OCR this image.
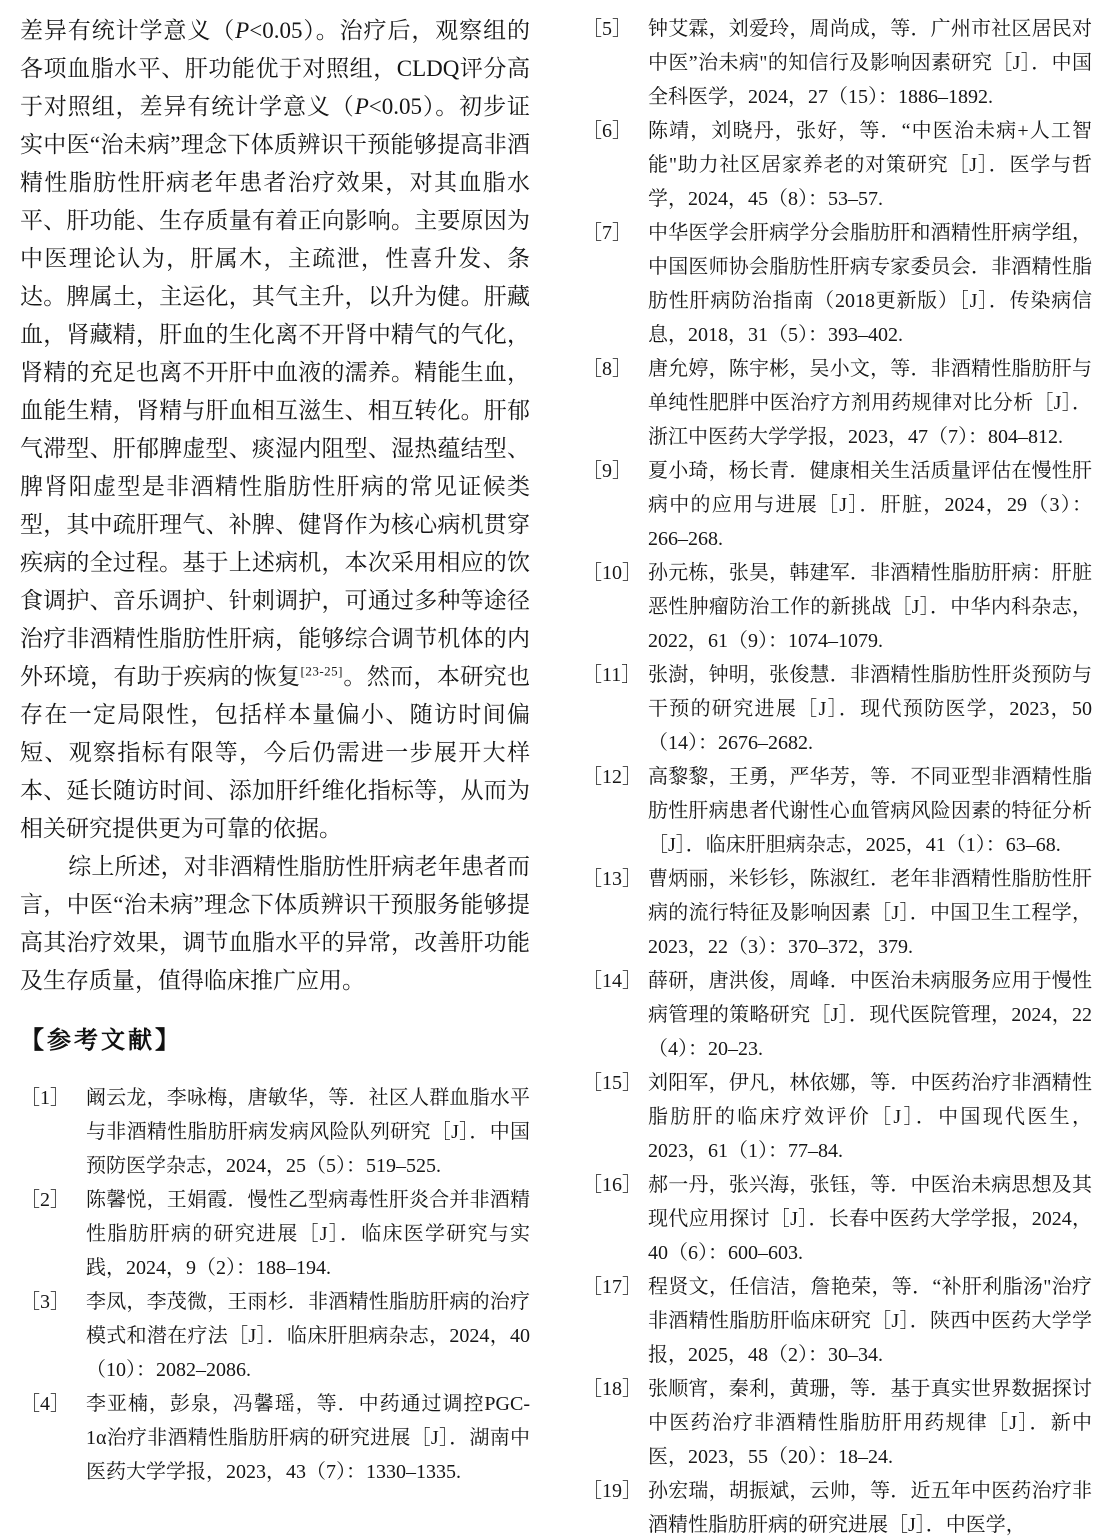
差异有统计学意义（P<0.05）。治疗后，观察组的各项血脂水平、肝功能优于对照组，CLDQ评分高于对照组，差异有统计学意义（P<0.05）。初步证实中医“治未病”理念下体质辨识干预能够提高非酒精性脂肪性肝病老年患者治疗效果，对其血脂水平、肝功能、生存质量有着正向影响。主要原因为中医理论认为，肝属木，主疏泄，性喜升发、条达。脾属土，主运化，其气主升，以升为健。肝藏血，肾藏精，肝血的生化离不开肾中精气的气化，肾精的充足也离不开肝中血液的濡养。精能生血，血能生精，肾精与肝血相互滋生、相互转化。肝郁气滞型、肝郁脾虚型、痰湿内阻型、湿热蕴结型、脾肾阳虚型是非酒精性脂肪性肝病的常见证候类型，其中疏肝理气、补脾、健肾作为核心病机贯穿疾病的全过程。基于上述病机，本次采用相应的饮食调护、音乐调护、针刺调护，可通过多种等途径治疗非酒精性脂肪性肝病，能够综合调节机体的内外环境，有助于疾病的恢复[23-25]。然而，本研究也存在一定局限性，包括样本量偏小、随访时间偏短、观察指标有限等，今后仍需进一步展开大样本、延长随访时间、添加肝纤维化指标等，从而为相关研究提供更为可靠的依据。

综上所述，对非酒精性脂肪性肝病老年患者而言，中医“治未病”理念下体质辨识干预服务能够提高其治疗效果，调节血脂水平的异常，改善肝功能及生存质量，值得临床推广应用。

【参考文献】
［1］ 阚云龙，李咏梅，唐敏华，等．社区人群血脂水平与非酒精性脂肪肝病发病风险队列研究［J］．中国预防医学杂志，2024，25（5）：519–525.
［2］ 陈馨悦，王娟霞．慢性乙型病毒性肝炎合并非酒精性脂肪肝病的研究进展［J］．临床医学研究与实践，2024，9（2）：188–194.
［3］ 李凤，李茂微，王雨杉．非酒精性脂肪肝病的治疗模式和潜在疗法［J］．临床肝胆病杂志，2024，40（10）：2082–2086.
［4］ 李亚楠，彭泉，冯馨瑶，等．中药通过调控PGC-1α治疗非酒精性脂肪肝病的研究进展［J］．湖南中医药大学学报，2023，43（7）：1330–1335.
［5］ 钟艾霖，刘爱玲，周尚成，等．广州市社区居民对中医”治未病"的知信行及影响因素研究［J］．中国全科医学，2024，27（15）：1886–1892.
［6］ 陈靖，刘晓丹，张好，等．“中医治未病+人工智能"助力社区居家养老的对策研究［J］．医学与哲学，2024，45（8）：53–57.
［7］ 中华医学会肝病学分会脂肪肝和酒精性肝病学组，中国医师协会脂肪性肝病专家委员会．非酒精性脂肪性肝病防治指南（2018更新版）［J］．传染病信息，2018，31（5）：393–402.
［8］ 唐允婷，陈宇彬，吴小文，等．非酒精性脂肪肝与单纯性肥胖中医治疗方剂用药规律对比分析［J］．浙江中医药大学学报，2023，47（7）：804–812.
［9］ 夏小琦，杨长青．健康相关生活质量评估在慢性肝病中的应用与进展［J］．肝脏，2024，29（3）：266–268.
［10］ 孙元栋，张昊，韩建军．非酒精性脂肪肝病：肝脏恶性肿瘤防治工作的新挑战［J］．中华内科杂志，2022，61（9）：1074–1079.
［11］ 张澍，钟明，张俊慧．非酒精性脂肪性肝炎预防与干预的研究进展［J］．现代预防医学，2023，50（14）：2676–2682.
［12］ 高黎黎，王勇，严华芳，等．不同亚型非酒精性脂肪性肝病患者代谢性心血管病风险因素的特征分析［J］．临床肝胆病杂志，2025，41（1）：63–68.
［13］ 曹炳丽，米钐钐，陈淑红．老年非酒精性脂肪性肝病的流行特征及影响因素［J］．中国卫生工程学，2023，22（3）：370–372，379.
［14］ 薛研，唐洪俊，周峰．中医治未病服务应用于慢性病管理的策略研究［J］．现代医院管理，2024，22（4）：20–23.
［15］ 刘阳军，伊凡，林依娜，等．中医药治疗非酒精性脂肪肝的临床疗效评价［J］．中国现代医生，2023，61（1）：77–84.
［16］ 郝一丹，张兴海，张钰，等．中医治未病思想及其现代应用探讨［J］．长春中医药大学学报，2024，40（6）：600–603.
［17］ 程贤文，任信洁，詹艳荣，等．“补肝利脂汤"治疗非酒精性脂肪肝临床研究［J］．陕西中医药大学学报，2025，48（2）：30–34.
［18］ 张顺宵，秦利，黄珊，等．基于真实世界数据探讨中医药治疗非酒精性脂肪肝用药规律［J］．新中医，2023，55（20）：18–24.
［19］ 孙宏瑞，胡振斌，云帅，等．近五年中医药治疗非酒精性脂肪肝病的研究进展［J］．中医学，
